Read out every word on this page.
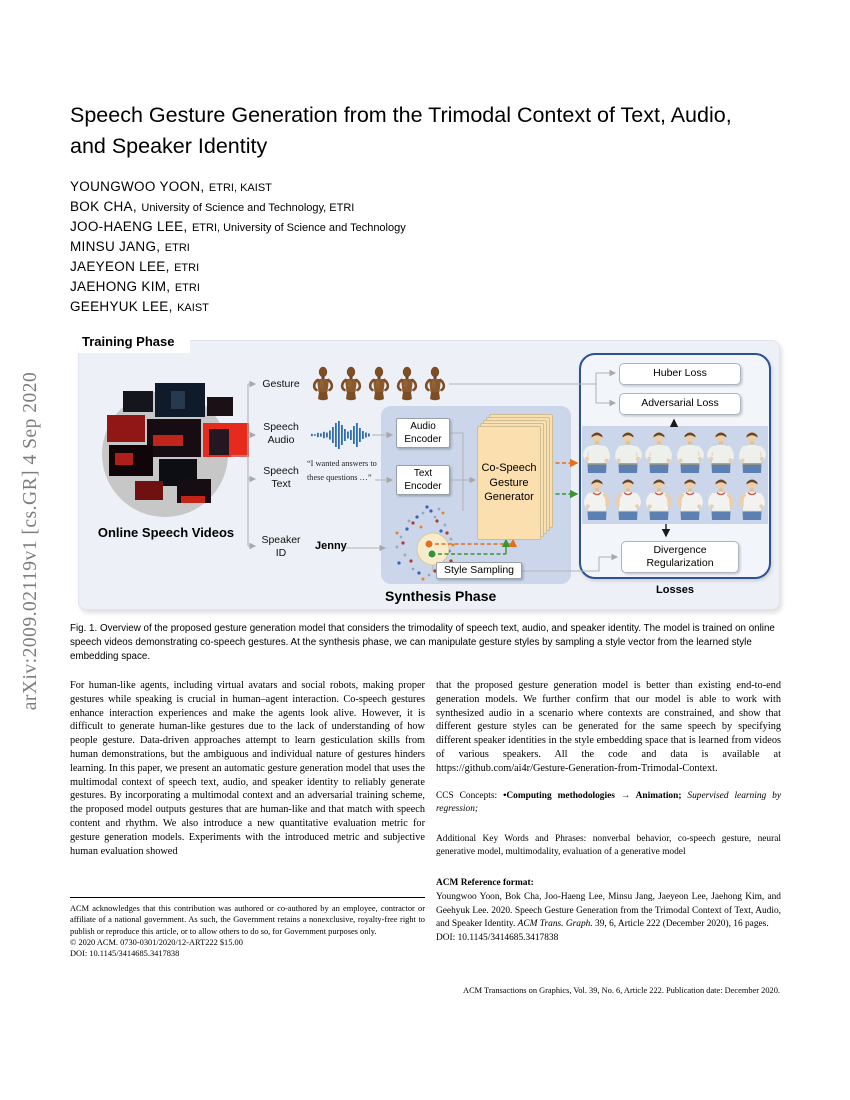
arXiv:2009.02119v1 [cs.GR] 4 Sep 2020
Speech Gesture Generation from the Trimodal Context of Text, Audio,
and Speaker Identity
YOUNGWOO YOON, ETRI, KAIST
BOK CHA, University of Science and Technology, ETRI
JOO-HAENG LEE, ETRI, University of Science and Technology
MINSU JANG, ETRI
JAEYEON LEE, ETRI
JAEHONG KIM, ETRI
GEEHYUK LEE, KAIST
Training Phase
Online Speech Videos
Gesture
Speech Audio
Speech Text
Speaker ID
“I wanted answers to these questions …”
Jenny
Audio Encoder
Text Encoder
Co-Speech Gesture Generator
Style Sampling
Synthesis Phase
Huber Loss
Adversarial Loss
Divergence Regularization
Losses
Fig. 1. Overview of the proposed gesture generation model that considers the trimodality of speech text, audio, and speaker identity. The model is trained on online speech videos demonstrating co-speech gestures. At the synthesis phase, we can manipulate gesture styles by sampling a style vector from the learned style embedding space.
For human-like agents, including virtual avatars and social robots, making proper gestures while speaking is crucial in human–agent interaction. Co-speech gestures enhance interaction experiences and make the agents look alive. However, it is difficult to generate human-like gestures due to the lack of understanding of how people gesture. Data-driven approaches attempt to learn gesticulation skills from human demonstrations, but the ambiguous and individual nature of gestures hinders learning. In this paper, we present an automatic gesture generation model that uses the multimodal context of speech text, audio, and speaker identity to reliably generate gestures. By incorporating a multimodal context and an adversarial training scheme, the proposed model outputs gestures that are human-like and that match with speech content and rhythm. We also introduce a new quantitative evaluation metric for gesture generation models. Experiments with the introduced metric and subjective human evaluation showed
that the proposed gesture generation model is better than existing end-to-end generation models. We further confirm that our model is able to work with synthesized audio in a scenario where contexts are constrained, and show that different gesture styles can be generated for the same speech by specifying different speaker identities in the style embedding space that is learned from videos of various speakers. All the code and data is available at https://github.com/ai4r/Gesture-Generation-from-Trimodal-Context.
CCS Concepts: •Computing methodologies → Animation; Supervised learning by regression;
Additional Key Words and Phrases: nonverbal behavior, co-speech gesture, neural generative model, multimodality, evaluation of a generative model
ACM Reference format:
Youngwoo Yoon, Bok Cha, Joo-Haeng Lee, Minsu Jang, Jaeyeon Lee, Jaehong Kim, and Geehyuk Lee. 2020. Speech Gesture Generation from the Trimodal Context of Text, Audio, and Speaker Identity. ACM Trans. Graph. 39, 6, Article 222 (December 2020), 16 pages.
DOI: 10.1145/3414685.3417838
ACM acknowledges that this contribution was authored or co-authored by an employee, contractor or affiliate of a national government. As such, the Government retains a nonexclusive, royalty-free right to publish or reproduce this article, or to allow others to do so, for Government purposes only.
© 2020 ACM. 0730-0301/2020/12-ART222 $15.00
DOI: 10.1145/3414685.3417838
ACM Transactions on Graphics, Vol. 39, No. 6, Article 222. Publication date: December 2020.
